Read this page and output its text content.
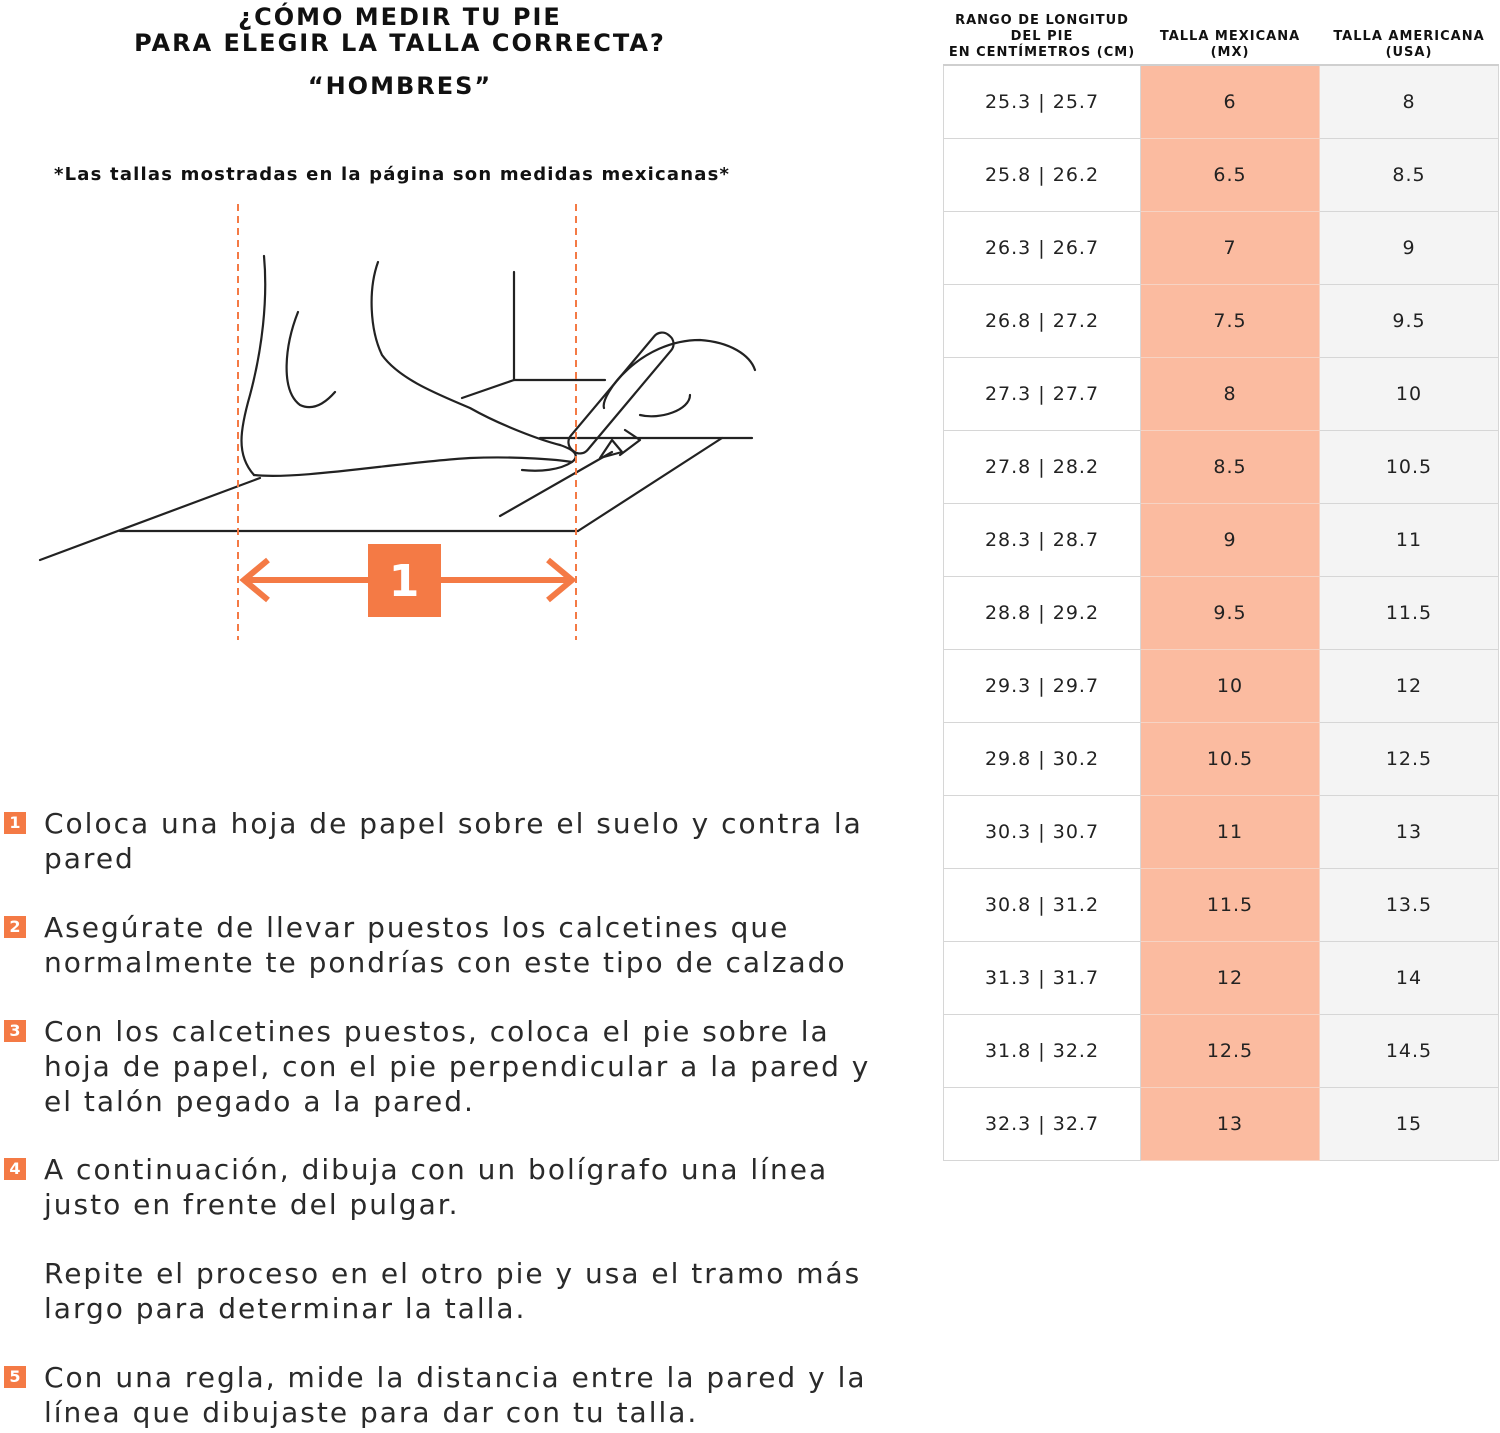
¿CÓMO MEDIR TU PIE
PARA ELEGIR LA TALLA CORRECTA?
“HOMBRES”
*Las tallas mostradas en la página son medidas mexicanas*
1
1 Coloca una hoja de papel sobre el suelo y contra la pared
2 Asegúrate de llevar puestos los calcetines que normalmente te pondrías con este tipo de calzado
3 Con los calcetines puestos, coloca el pie sobre la hoja de papel, con el pie perpendicular a la pared y el talón pegado a la pared.
4 A continuación, dibuja con un bolígrafo una línea justo en frente del pulgar.
Repite el proceso en el otro pie y usa el tramo más largo para determinar la talla.
5 Con una regla, mide la distancia entre la pared y la línea que dibujaste para dar con tu talla.
RANGO DE LONGITUD
DEL PIE
EN CENTÍMETROS (CM)	TALLA MEXICANA
(MX)	TALLA AMERICANA
(USA)
25.3 | 25.7	6	8
25.8 | 26.2	6.5	8.5
26.3 | 26.7	7	9
26.8 | 27.2	7.5	9.5
27.3 | 27.7	8	10
27.8 | 28.2	8.5	10.5
28.3 | 28.7	9	11
28.8 | 29.2	9.5	11.5
29.3 | 29.7	10	12
29.8 | 30.2	10.5	12.5
30.3 | 30.7	11	13
30.8 | 31.2	11.5	13.5
31.3 | 31.7	12	14
31.8 | 32.2	12.5	14.5
32.3 | 32.7	13	15
